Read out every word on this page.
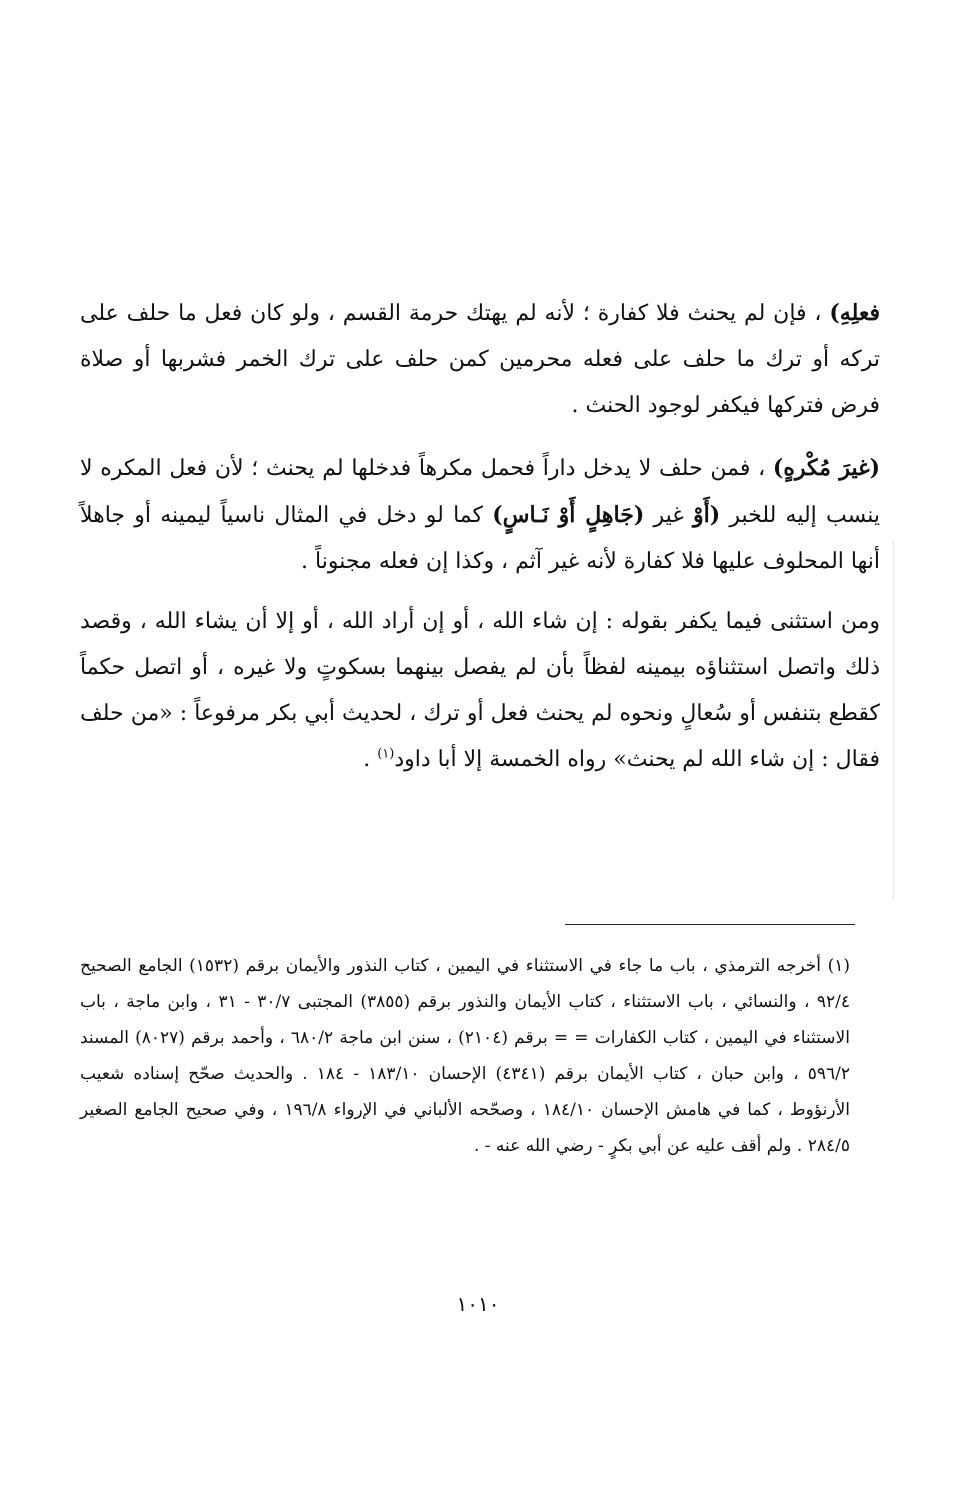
فعلِهِ) ، فإن لم يحنث فلا كفارة ؛ لأنه لم يهتك حرمة القسم ، ولو كان فعل ما حلف على تركه أو ترك ما حلف على فعله محرمين كمن حلف على ترك الخمر فشربها أو صلاة فرض فتركها فيكفر لوجود الحنث .

(غيرَ مُكْرهٍ) ، فمن حلف لا يدخل داراً فحمل مكرهاً فدخلها لم يحنث ؛ لأن فعل المكره لا ينسب إليه للخبر (أَوْ غير (جَاهِلٍ أَوْ نَـاسٍ) كما لو دخل في المثال ناسياً ليمينه أو جاهلاً أنها المحلوف عليها فلا كفارة لأنه غير آثم ، وكذا إن فعله مجنوناً .

ومن استثنى فيما يكفر بقوله : إن شاء الله ، أو إن أراد الله ، أو إلا أن يشاء الله ، وقصد ذلك واتصل استثناؤه بيمينه لفظاً بأن لم يفصل بينهما بسكوتٍ ولا غيره ، أو اتصل حكماً كقطع بتنفس أو سُعالٍ ونحوه لم يحنث فعل أو ترك ، لحديث أبي بكر مرفوعاً : «من حلف فقال : إن شاء الله لم يحنث» رواه الخمسة إلا أبا داود$^{(١)}$ .

(١) أخرجه الترمذي ، باب ما جاء في الاستثناء في اليمين ، كتاب النذور والأيمان برقم (١٥٣٢) الجامع الصحيح ٩٢/٤ ، والنسائي ، باب الاستثناء ، كتاب الأيمان والنذور برقم (٣٨٥٥) المجتبى ٣٠/٧ - ٣١ ، وابن ماجة ، باب الاستثناء في اليمين ، كتاب الكفارات = = برقم (٢١٠٤) ، سنن ابن ماجة ٦٨٠/٢ ، وأحمد برقم (٨٠٢٧) المسند ٥٩٦/٢ ، وابن حبان ، كتاب الأيمان برقم (٤٣٤١) الإحسان ١٨٣/١٠ - ١٨٤ . والحديث صحّح إسناده شعيب الأرنؤوط ، كما في هامش الإحسان ١٨٤/١٠ ، وصحّحه الألباني في الإرواء ١٩٦/٨ ، وفي صحيح الجامع الصغير ٢٨٤/٥ . ولم أقف عليه عن أبي بكرٍ - رضي الله عنه - .
١٠١٠
